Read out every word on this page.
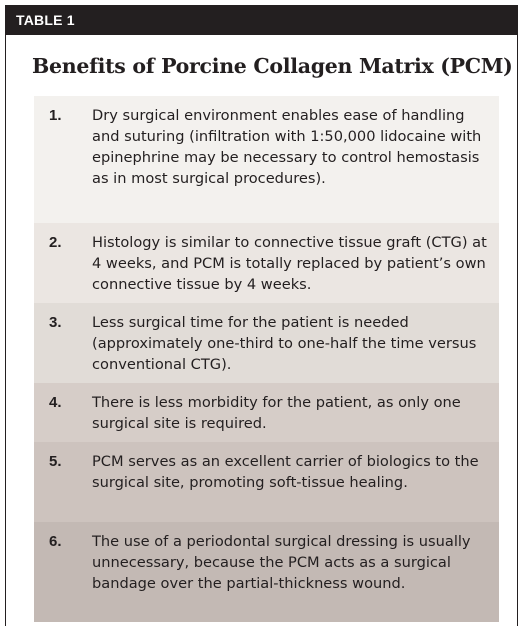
TABLE 1
Benefits of Porcine Collagen Matrix (PCM)
1. Dry surgical environment enables ease of handling and suturing (infiltration with 1:50,000 lidocaine with epinephrine may be necessary to control hemostasis as in most surgical procedures).
2. Histology is similar to connective tissue graft (CTG) at 4 weeks, and PCM is totally replaced by patient’s own connective tissue by 4 weeks.
3. Less surgical time for the patient is needed (approximately one-third to one-half the time versus conventional CTG).
4. There is less morbidity for the patient, as only one surgical site is required.
5. PCM serves as an excellent carrier of biologics to the surgical site, promoting soft-tissue healing.
6. The use of a periodontal surgical dressing is usually unnecessary, because the PCM acts as a surgical bandage over the partial-thickness wound.
